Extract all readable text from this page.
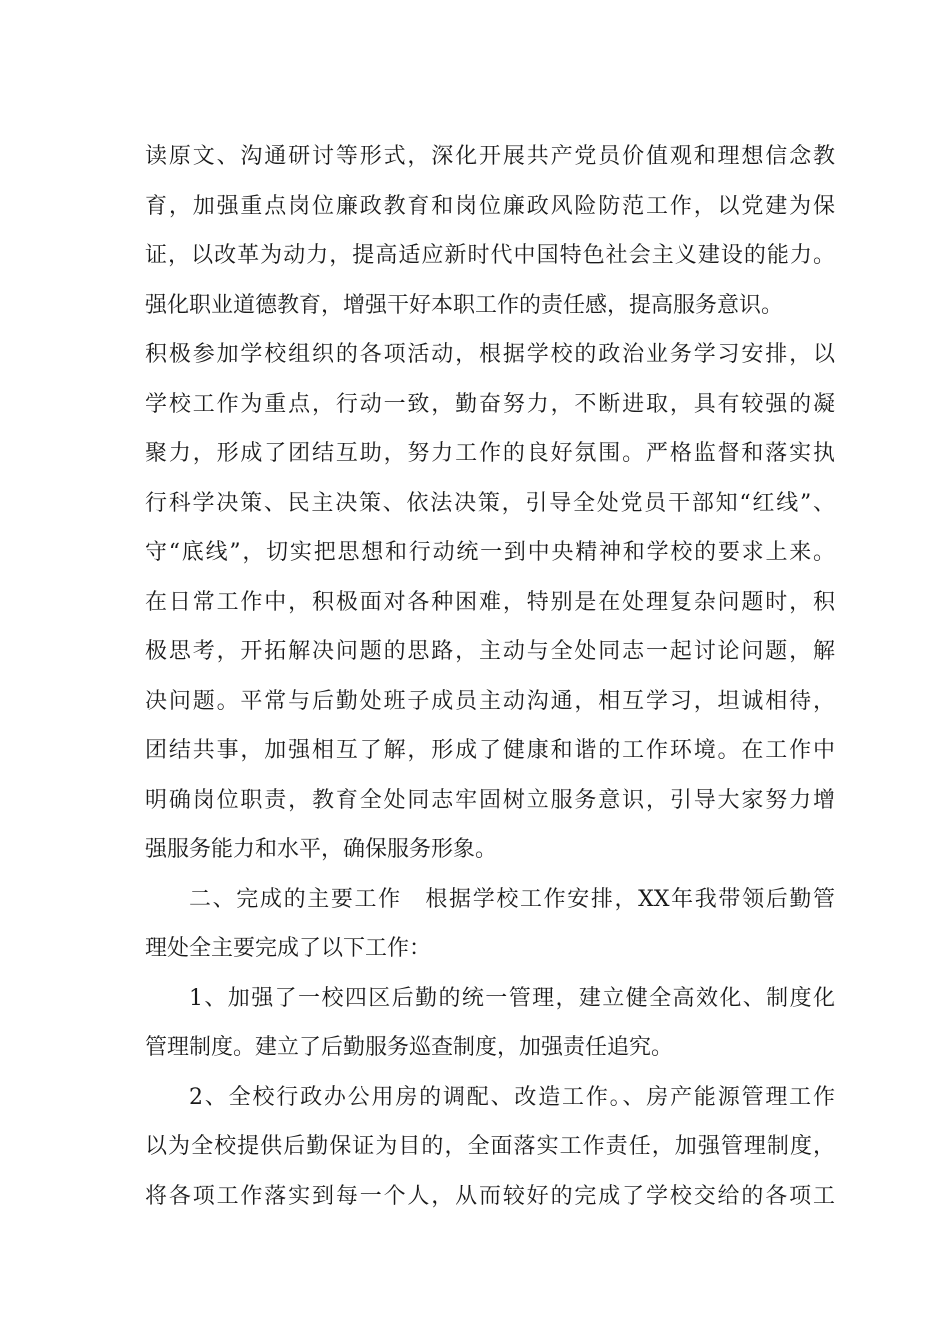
读原文、沟通研讨等形式，深化开展共产党员价值观和理想信念教
育，加强重点岗位廉政教育和岗位廉政风险防范工作，以党建为保
证，以改革为动力，提高适应新时代中国特色社会主义建设的能力。
强化职业道德教育，增强干好本职工作的责任感，提高服务意识。
积极参加学校组织的各项活动，根据学校的政治业务学习安排，以
学校工作为重点，行动一致，勤奋努力，不断进取，具有较强的凝
聚力，形成了团结互助，努力工作的良好氛围。严格监督和落实执
行科学决策、民主决策、依法决策，引导全处党员干部知“红线”、
守“底线”，切实把思想和行动统一到中央精神和学校的要求上来。
在日常工作中，积极面对各种困难，特别是在处理复杂问题时，积
极思考，开拓解决问题的思路，主动与全处同志一起讨论问题，解
决问题。平常与后勤处班子成员主动沟通，相互学习，坦诚相待，
团结共事，加强相互了解，形成了健康和谐的工作环境。在工作中
明确岗位职责，教育全处同志牢固树立服务意识，引导大家努力增
强服务能力和水平，确保服务形象。
二、完成的主要工作　根据学校工作安排，XX年我带领后勤管
理处全主要完成了以下工作：
1、加强了一校四区后勤的统一管理，建立健全高效化、制度化
管理制度。建立了后勤服务巡查制度，加强责任追究。
2、全校行政办公用房的调配、改造工作。、房产能源管理工作
以为全校提供后勤保证为目的，全面落实工作责任，加强管理制度，
将各项工作落实到每一个人，从而较好的完成了学校交给的各项工
